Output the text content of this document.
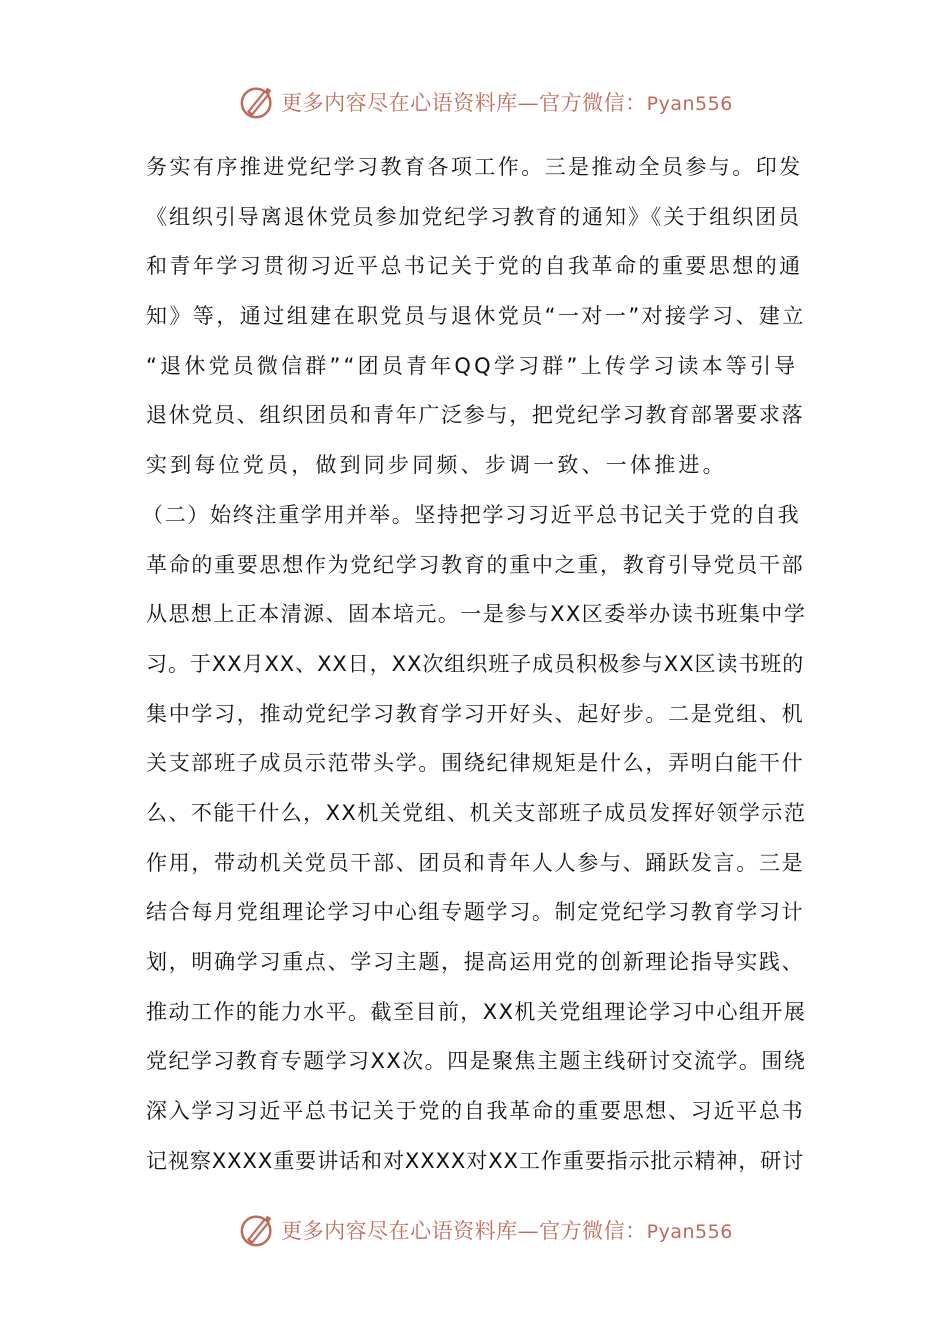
更多内容尽在心语资料库—官方微信：Pyan556
务实有序推进党纪学习教育各项工作。三是推动全员参与。印发
《组织引导离退休党员参加党纪学习教育的通知》《关于组织团员
和青年学习贯彻习近平总书记关于党的自我革命的重要思想的通
知》等，通过组建在职党员与退休党员“一对一”对接学习、建立
“退休党员微信群”“团员青年QQ学习群”上传学习读本等引导
退休党员、组织团员和青年广泛参与，把党纪学习教育部署要求落
实到每位党员，做到同步同频、步调一致、一体推进。
（二）始终注重学用并举。坚持把学习习近平总书记关于党的自我
革命的重要思想作为党纪学习教育的重中之重，教育引导党员干部
从思想上正本清源、固本培元。一是参与XX区委举办读书班集中学
习。于XX月XX、XX日，XX次组织班子成员积极参与XX区读书班的
集中学习，推动党纪学习教育学习开好头、起好步。二是党组、机
关支部班子成员示范带头学。围绕纪律规矩是什么，弄明白能干什
么、不能干什么，XX机关党组、机关支部班子成员发挥好领学示范
作用，带动机关党员干部、团员和青年人人参与、踊跃发言。三是
结合每月党组理论学习中心组专题学习。制定党纪学习教育学习计
划，明确学习重点、学习主题，提高运用党的创新理论指导实践、
推动工作的能力水平。截至目前，XX机关党组理论学习中心组开展
党纪学习教育专题学习XX次。四是聚焦主题主线研讨交流学。围绕
深入学习习近平总书记关于党的自我革命的重要思想、习近平总书
记视察XXXX重要讲话和对XXXX对XX工作重要指示批示精神，研讨
更多内容尽在心语资料库—官方微信：Pyan556
